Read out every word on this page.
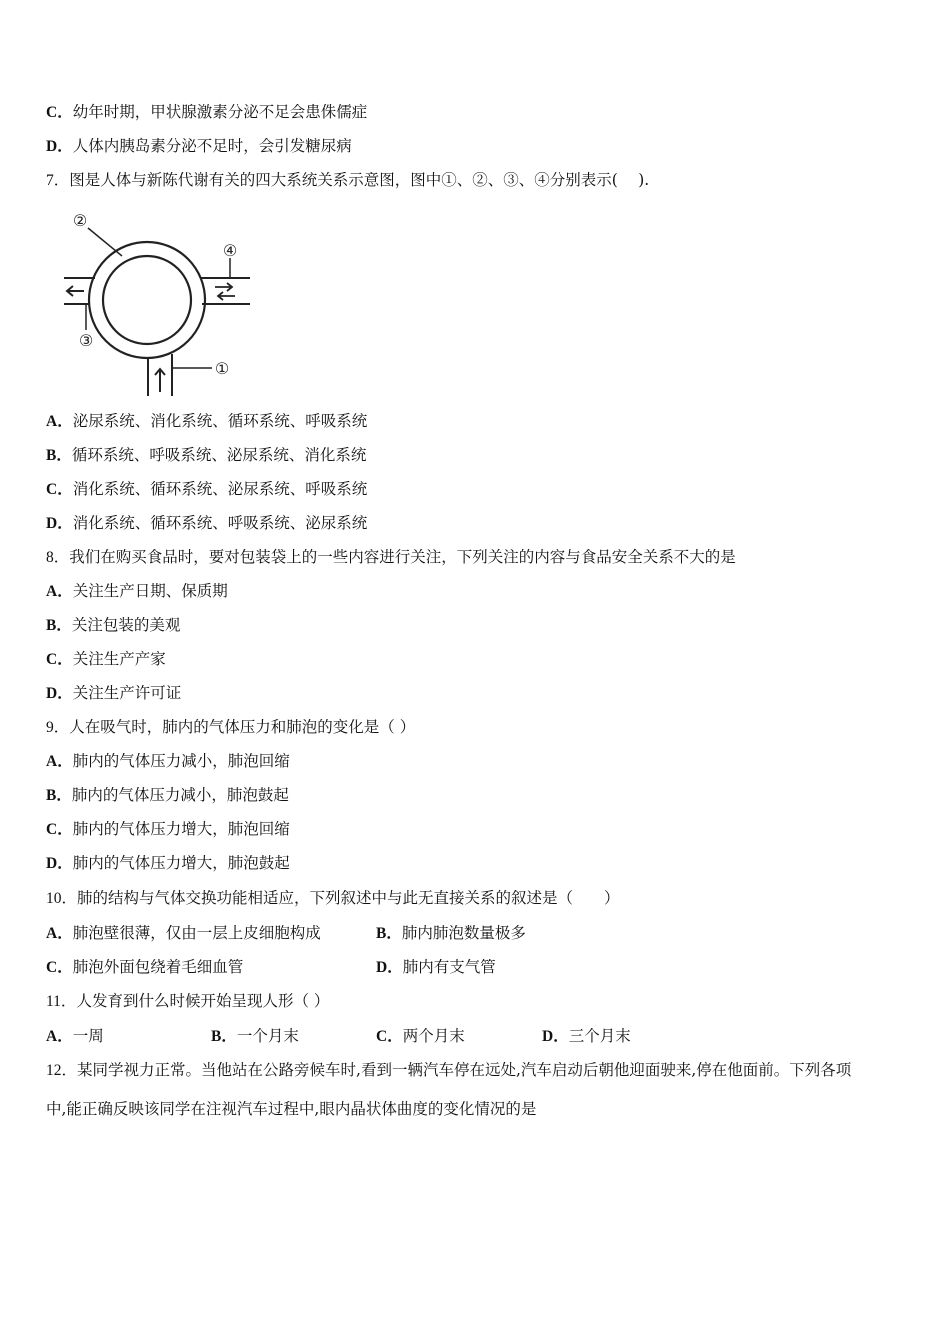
C．幼年时期，甲状腺激素分泌不足会患侏儒症
D．人体内胰岛素分泌不足时，会引发糖尿病
7．图是人体与新陈代谢有关的四大系统关系示意图，图中①、②、③、④分别表示(　 ).
②
④
③
①
A．泌尿系统、消化系统、循环系统、呼吸系统
B．循环系统、呼吸系统、泌尿系统、消化系统
C．消化系统、循环系统、泌尿系统、呼吸系统
D．消化系统、循环系统、呼吸系统、泌尿系统
8．我们在购买食品时，要对包装袋上的一些内容进行关注，下列关注的内容与食品安全关系不大的是
A．关注生产日期、保质期
B．关注包装的美观
C．关注生产产家
D．关注生产许可证
9．人在吸气时，肺内的气体压力和肺泡的变化是（ ）
A．肺内的气体压力减小，肺泡回缩
B．肺内的气体压力减小，肺泡鼓起
C．肺内的气体压力增大，肺泡回缩
D．肺内的气体压力增大，肺泡鼓起
10．肺的结构与气体交换功能相适应，下列叙述中与此无直接关系的叙述是（　　）
A．肺泡壁很薄，仅由一层上皮细胞构成	B．肺内肺泡数量极多
C．肺泡外面包绕着毛细血管	D．肺内有支气管
11．人发育到什么时候开始呈现人形（ ）
A．一周	B．一个月末	C．两个月末	D．三个月末
12．某同学视力正常。当他站在公路旁候车时,看到一辆汽车停在远处,汽车启动后朝他迎面驶来,停在他面前。下列各项
中,能正确反映该同学在注视汽车过程中,眼内晶状体曲度的变化情况的是
